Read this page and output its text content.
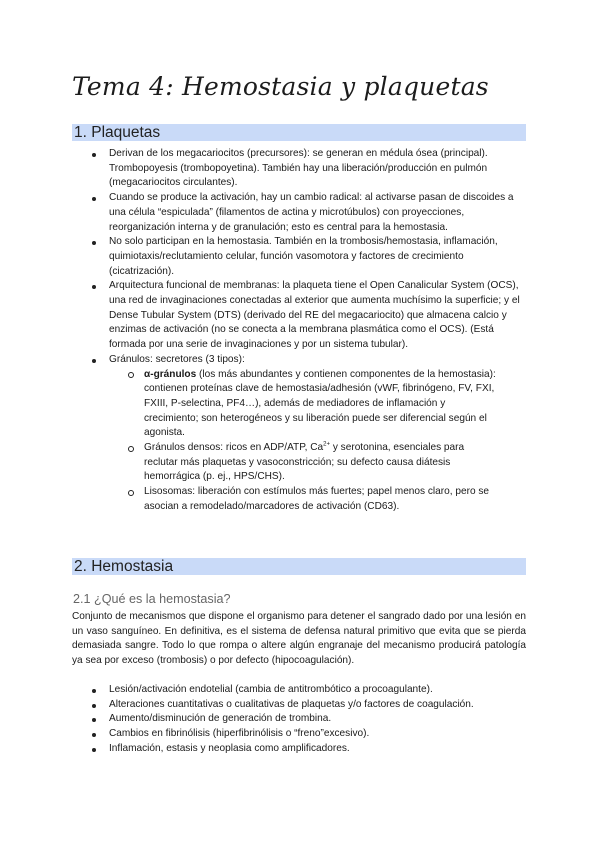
Tema 4: Hemostasia y plaquetas
1. Plaquetas
Derivan de los megacariocitos (precursores): se generan en médula ósea (principal). Trombopoyesis (trombopoyetina). También hay una liberación/producción en pulmón (megacariocitos circulantes).
Cuando se produce la activación, hay un cambio radical: al activarse pasan de discoides a una célula “espiculada” (filamentos de actina y microtúbulos) con proyecciones, reorganización interna y de granulación; esto es central para la hemostasia.
No solo participan en la hemostasia. También en la trombosis/hemostasia, inflamación, quimiotaxis/reclutamiento celular, función vasomotora y factores de crecimiento (cicatrización).
Arquitectura funcional de membranas: la plaqueta tiene el Open Canalicular System (OCS), una red de invaginaciones conectadas al exterior que aumenta muchísimo la superficie; y el Dense Tubular System (DTS) (derivado del RE del megacariocito) que almacena calcio y enzimas de activación (no se conecta a la membrana plasmática como el OCS). (Está formada por una serie de invaginaciones y por un sistema tubular).
Gránulos: secretores (3 tipos):
α-gránulos (los más abundantes y contienen componentes de la hemostasia): contienen proteínas clave de hemostasia/adhesión (vWF, fibrinógeno, FV, FXI, FXIII, P-selectina, PF4…), además de mediadores de inflamación y crecimiento; son heterogéneos y su liberación puede ser diferencial según el agonista.
Gránulos densos: ricos en ADP/ATP, $Ca^{2+}$ y serotonina, esenciales para reclutar más plaquetas y vasoconstricción; su defecto causa diátesis hemorrágica (p. ej., HPS/CHS).
Lisosomas: liberación con estímulos más fuertes; papel menos claro, pero se asocian a remodelado/marcadores de activación (CD63).
2. Hemostasia
2.1 ¿Qué es la hemostasia?

Conjunto de mecanismos que dispone el organismo para detener el sangrado dado por una lesión en un vaso sanguíneo. En definitiva, es el sistema de defensa natural primitivo que evita que se pierda demasiada sangre. Todo lo que rompa o altere algún engranaje del mecanismo producirá patología ya sea por exceso (trombosis) o por defecto (hipocoagulación).

Lesión/activación endotelial (cambia de antitrombótico a procoagulante).
Alteraciones cuantitativas o cualitativas de plaquetas y/o factores de coagulación.
Aumento/disminución de generación de trombina.
Cambios en fibrinólisis (hiperfibrinólisis o “freno”excesivo).
Inflamación, estasis y neoplasia como amplificadores.
